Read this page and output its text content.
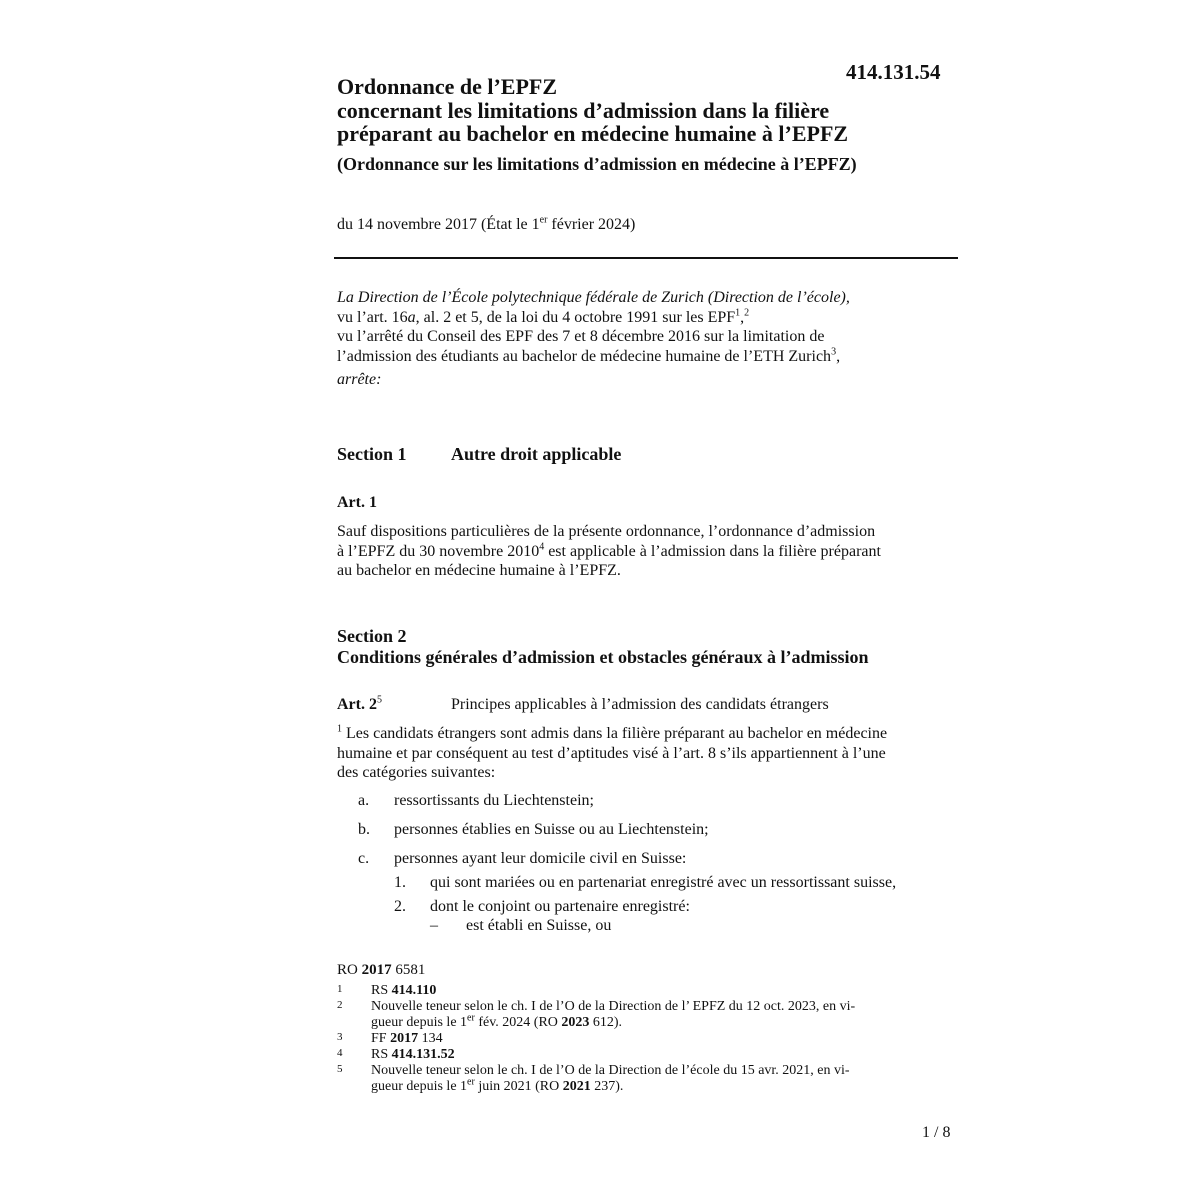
414.131.54
Ordonnance de l’EPFZ
concernant les limitations d’admission dans la filière
préparant au bachelor en médecine humaine à l’EPFZ
(Ordonnance sur les limitations d’admission en médecine à l’EPFZ)
du 14 novembre 2017 (État le 1er février 2024)
La Direction de l’École polytechnique fédérale de Zurich (Direction de l’école),
vu l’art. 16a, al. 2 et 5, de la loi du 4 octobre 1991 sur les EPF$^1$,$^2$
vu l’arrêté du Conseil des EPF des 7 et 8 décembre 2016 sur la limitation de
l’admission des étudiants au bachelor de médecine humaine de l’ETH Zurich$^3$,
arrête:
Section 1 Autre droit applicable
Art. 1
Sauf dispositions particulières de la présente ordonnance, l’ordonnance d’admission
à l’EPFZ du 30 novembre 2010$^4$ est applicable à l’admission dans la filière préparant
au bachelor en médecine humaine à l’EPFZ.
Section 2
Conditions générales d’admission et obstacles généraux à l’admission
Art. $2^5$	Principes applicables à l’admission des candidats étrangers
$^1$ Les candidats étrangers sont admis dans la filière préparant au bachelor en médecine
humaine et par conséquent au test d’aptitudes visé à l’art. 8 s’ils appartiennent à l’une
des catégories suivantes:
a. ressortissants du Liechtenstein;
b. personnes établies en Suisse ou au Liechtenstein;
c. personnes ayant leur domicile civil en Suisse:
1. qui sont mariées ou en partenariat enregistré avec un ressortissant suisse,
2. dont le conjoint ou partenaire enregistré:
– est établi en Suisse, ou
RO 2017 6581
1 RS 414.110
2 Nouvelle teneur selon le ch. I de l’O de la Direction de l’ EPFZ du 12 oct. 2023, en vi-
gueur depuis le 1er fév. 2024 (RO 2023 612).
3 FF 2017 134
4 RS 414.131.52
5 Nouvelle teneur selon le ch. I de l’O de la Direction de l’école du 15 avr. 2021, en vi-
gueur depuis le 1er juin 2021 (RO 2021 237).
1 / 8
